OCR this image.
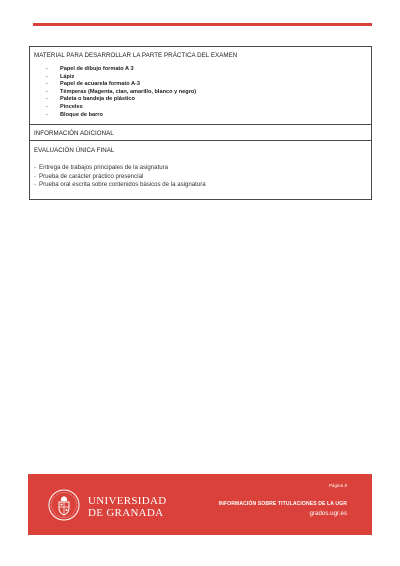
MATERIAL PARA DESARROLLAR LA PARTE PRÁCTICA DEL EXAMEN
-	Papel de dibujo formato A 3
-	Lápiz
-	Papel de acuarela formato A-3
-	Témperas (Magenta, cian, amarillo, blanco y negro)
-	Paleta o bandeja de plástico
-	Pinceles
-	Bloque de barro
INFORMACIÓN ADICIONAL
EVALUACIÓN ÚNICA FINAL
- Entrega de trabajos principales de la asignatura
- Prueba de carácter práctico presencial
- Prueba oral escrita sobre contenidos básicos de la asignatura
UNIVERSIDAD
DE GRANADA
Página 8
INFORMACIÓN SOBRE TITULACIONES DE LA UGR
grados.ugr.es
